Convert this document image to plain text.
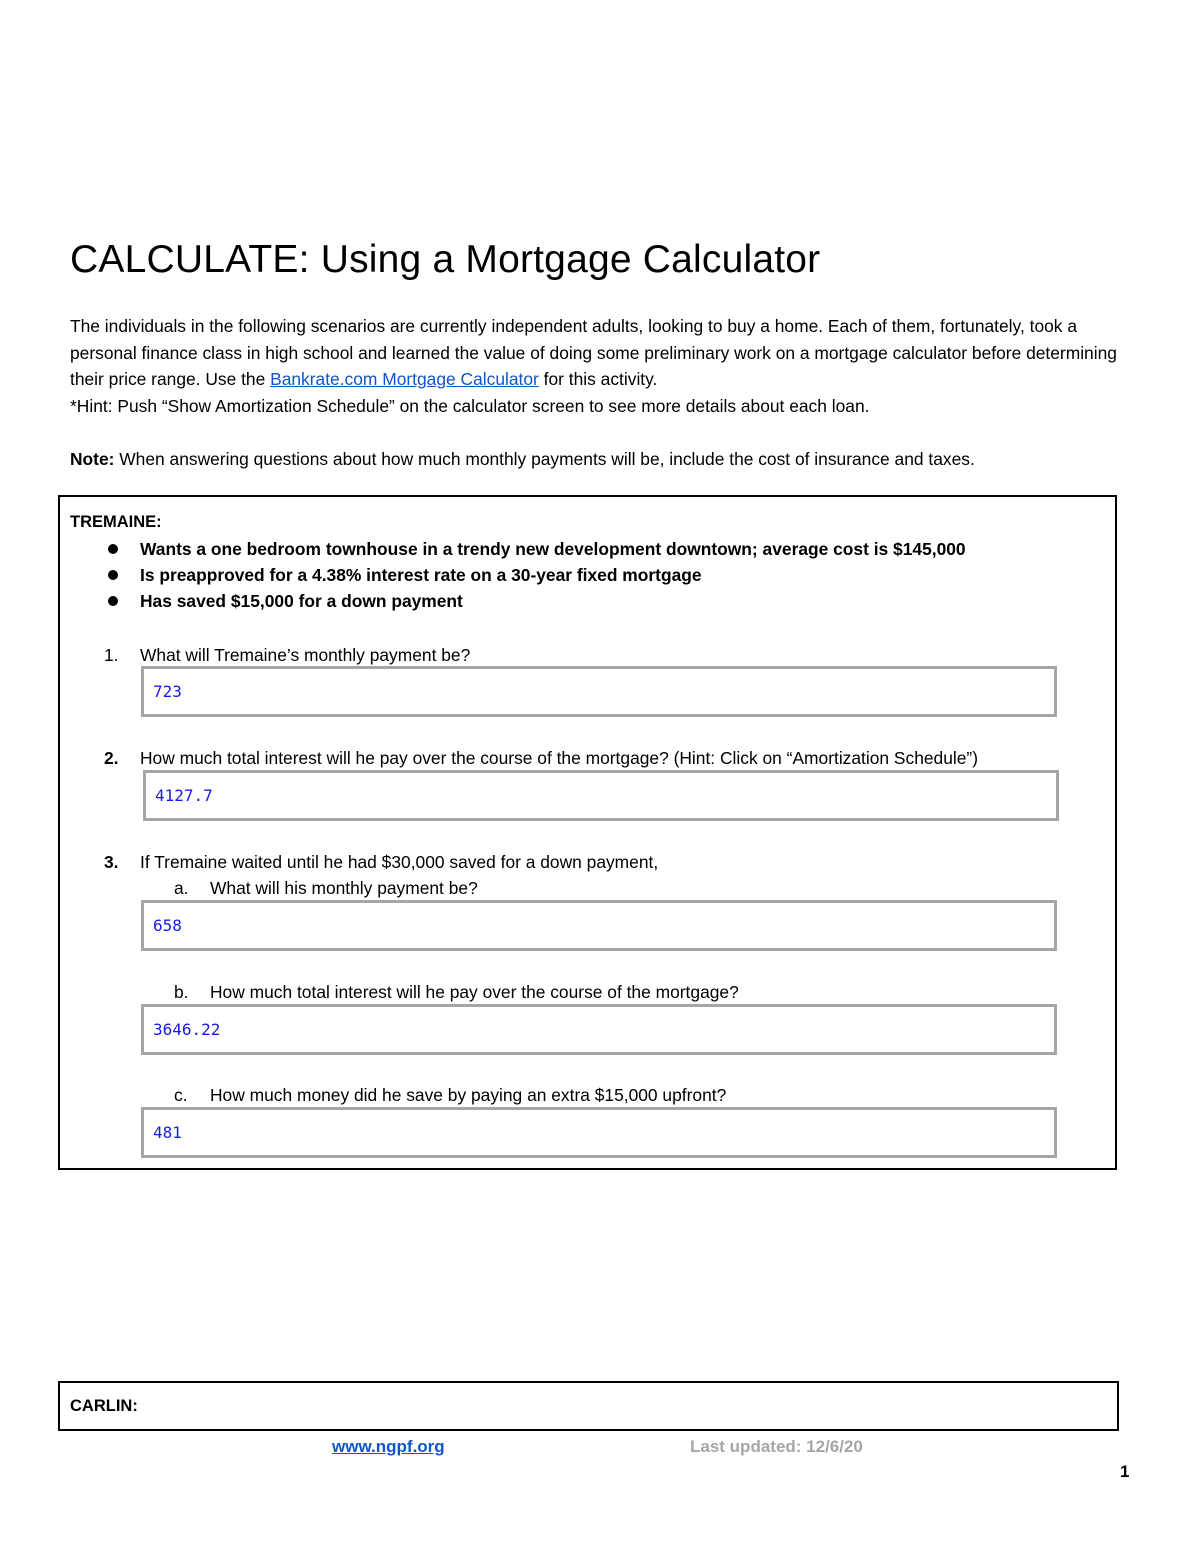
CALCULATE: Using a Mortgage Calculator
The individuals in the following scenarios are currently independent adults, looking to buy a home. Each of them, fortunately, took a personal finance class in high school and learned the value of doing some preliminary work on a mortgage calculator before determining their price range. Use the Bankrate.com Mortgage Calculator for this activity.
*Hint: Push “Show Amortization Schedule” on the calculator screen to see more details about each loan.
Note: When answering questions about how much monthly payments will be, include the cost of insurance and taxes.
TREMAINE:
Wants a one bedroom townhouse in a trendy new development downtown; average cost is $145,000
Is preapproved for a 4.38% interest rate on a 30-year fixed mortgage
Has saved $15,000 for a down payment
1. What will Tremaine’s monthly payment be?
723
2. How much total interest will he pay over the course of the mortgage? (Hint: Click on “Amortization Schedule”)
4127.7
3. If Tremaine waited until he had $30,000 saved for a down payment,
a. What will his monthly payment be?
658
b. How much total interest will he pay over the course of the mortgage?
3646.22
c. How much money did he save by paying an extra $15,000 upfront?
481
CARLIN:
www.ngpf.org	Last updated: 12/6/20
1
